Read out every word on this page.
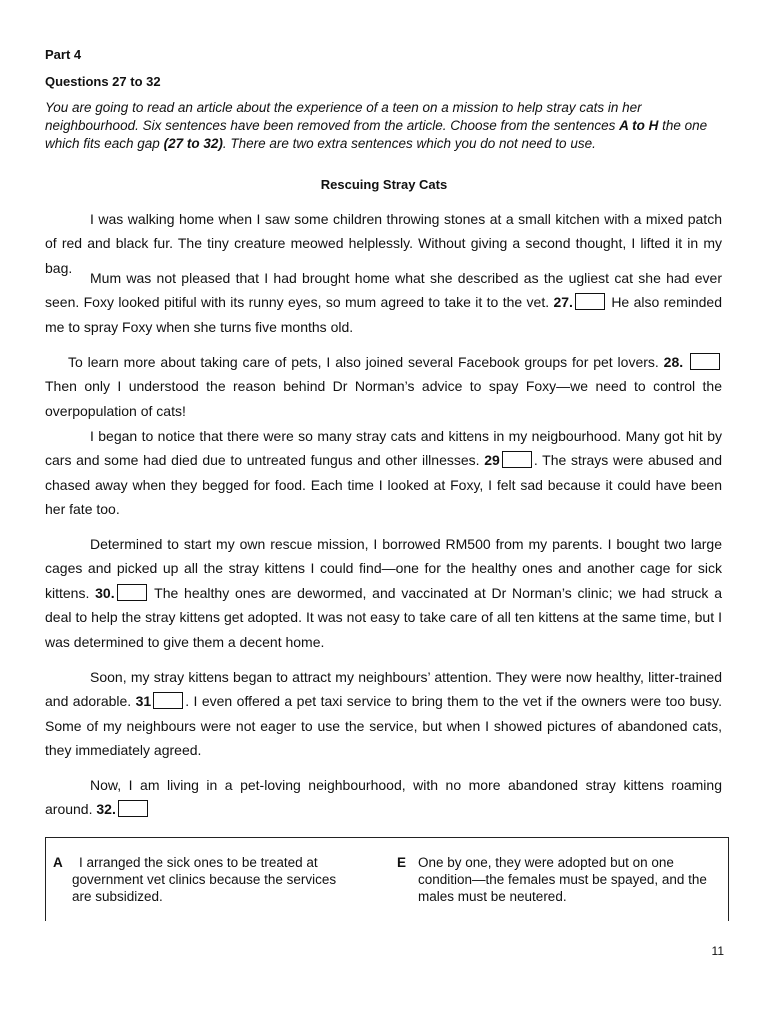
Part 4
Questions 27 to 32
You are going to read an article about the experience of a teen on a mission to help stray cats in her neighbourhood. Six sentences have been removed from the article. Choose from the sentences A to H the one which fits each gap (27 to 32). There are two extra sentences which you do not need to use.
Rescuing Stray Cats

I was walking home when I saw some children throwing stones at a small kitchen with a mixed patch of red and black fur. The tiny creature meowed helplessly. Without giving a second thought, I lifted it in my bag.

Mum was not pleased that I had brought home what she described as the ugliest cat she had ever seen. Foxy looked pitiful with its runny eyes, so mum agreed to take it to the vet. 27. He also reminded me to spray Foxy when she turns five months old.

To learn more about taking care of pets, I also joined several Facebook groups for pet lovers. 28.  Then only I understood the reason behind Dr Norman’s advice to spay Foxy—we need to control the overpopulation of cats!

I began to notice that there were so many stray cats and kittens in my neigbourhood. Many got hit by cars and some had died due to untreated fungus and other illnesses. 29 . The strays were abused and chased away when they begged for food. Each time I looked at Foxy, I felt sad because it could have been her fate too.

Determined to start my own rescue mission, I borrowed RM500 from my parents. I bought two large cages and picked up all the stray kittens I could find—one for the healthy ones and another cage for sick kittens. 30. The healthy ones are dewormed, and vaccinated at Dr Norman’s clinic; we had struck a deal to help the stray kittens get adopted. It was not easy to take care of all ten kittens at the same time, but I was determined to give them a decent home.

Soon, my stray kittens began to attract my neighbours’ attention. They were now healthy, litter-trained and adorable. 31 . I even offered a pet taxi service to bring them to the vet if the owners were too busy. Some of my neighbours were not eager to use the service, but when I showed pictures of abandoned cats, they immediately agreed.

Now, I am living in a pet-loving neighbourhood, with no more abandoned stray kittens roaming around. 32.

A	I arranged the sick ones to be treated at government vet clinics because the services are subsidized.
E One by one, they were adopted but on one condition—the females must be spayed, and the males must be neutered.
11
